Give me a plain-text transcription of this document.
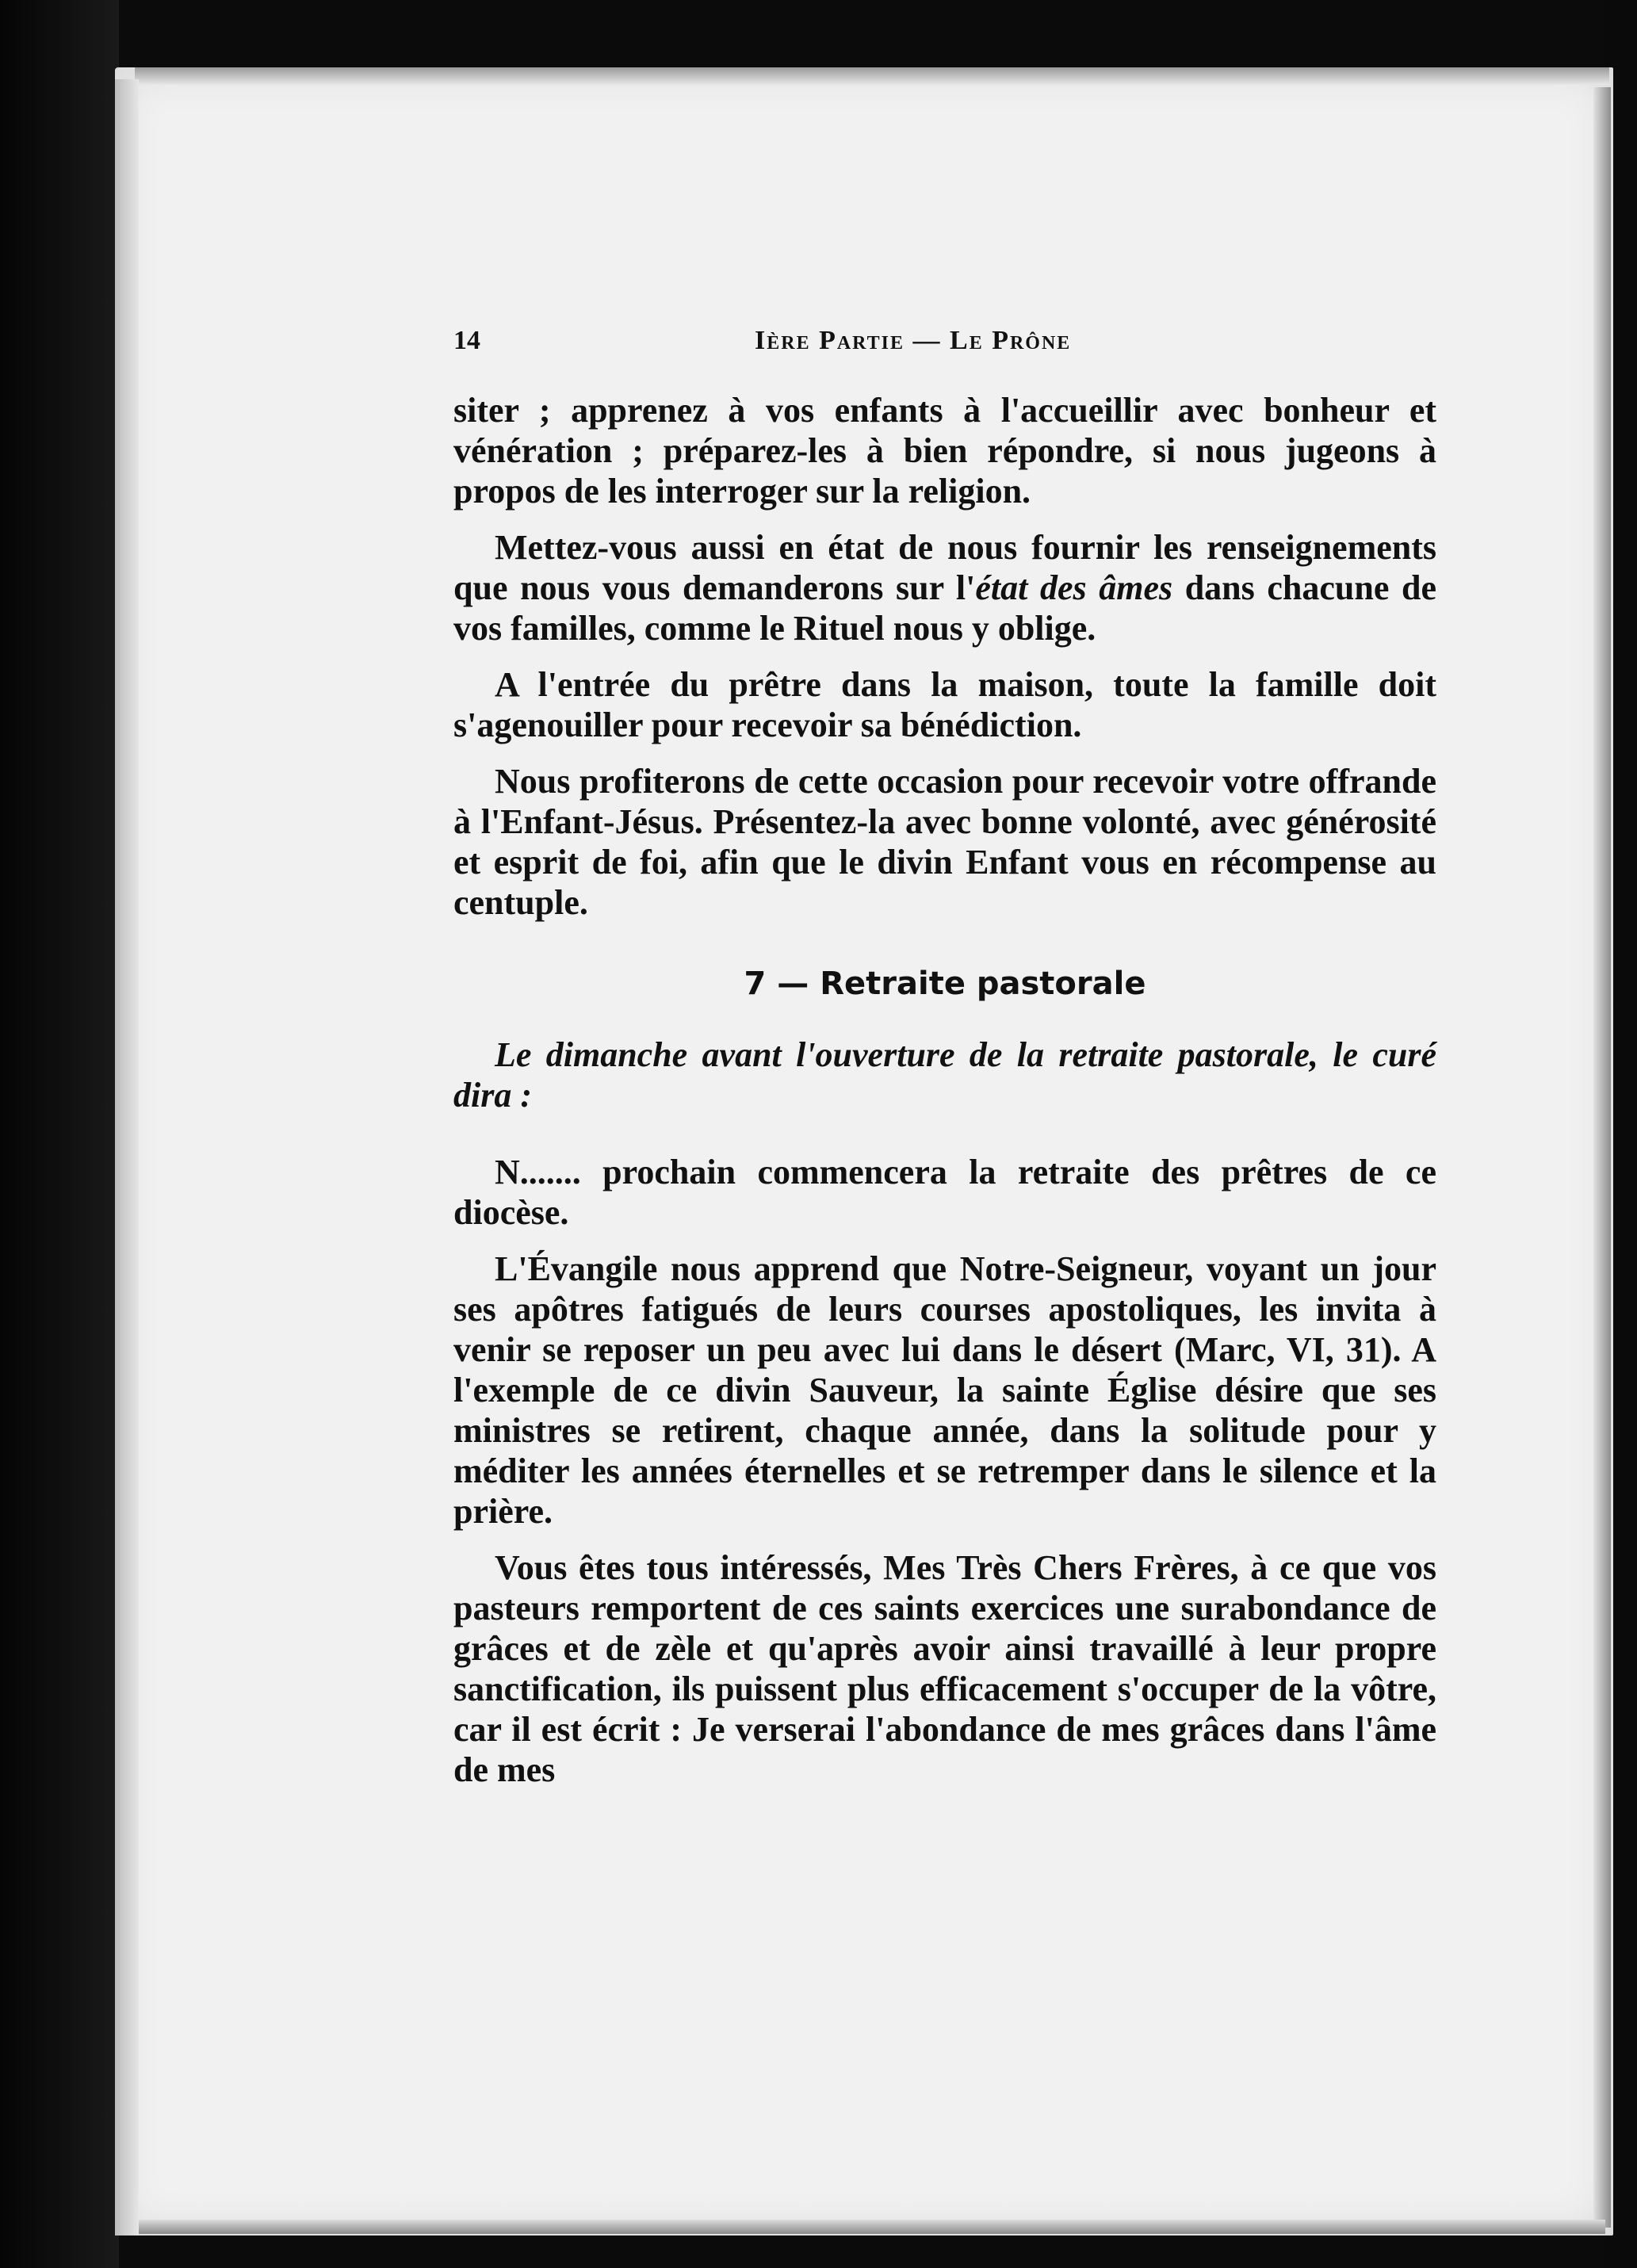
14	Ière Partie — Le Prône

siter ; apprenez à vos enfants à l'accueillir avec bonheur et vénération ; préparez-les à bien répondre, si nous jugeons à propos de les interroger sur la religion.

Mettez-vous aussi en état de nous fournir les renseignements que nous vous demanderons sur l'état des âmes dans chacune de vos familles, comme le Rituel nous y oblige.

A l'entrée du prêtre dans la maison, toute la famille doit s'agenouiller pour recevoir sa bénédiction.

Nous profiterons de cette occasion pour recevoir votre offrande à l'Enfant-Jésus. Présentez-la avec bonne volonté, avec générosité et esprit de foi, afin que le divin Enfant vous en récompense au centuple.

7 — Retraite pastorale

Le dimanche avant l'ouverture de la retraite pastorale, le curé dira :

N....... prochain commencera la retraite des prêtres de ce diocèse.

L'Évangile nous apprend que Notre-Seigneur, voyant un jour ses apôtres fatigués de leurs courses apostoliques, les invita à venir se reposer un peu avec lui dans le désert (Marc, VI, 31). A l'exemple de ce divin Sauveur, la sainte Église désire que ses ministres se retirent, chaque année, dans la solitude pour y méditer les années éternelles et se retremper dans le silence et la prière.

Vous êtes tous intéressés, Mes Très Chers Frères, à ce que vos pasteurs remportent de ces saints exercices une surabondance de grâces et de zèle et qu'après avoir ainsi travaillé à leur propre sanctification, ils puissent plus efficacement s'occuper de la vôtre, car il est écrit : Je verserai l'abondance de mes grâces dans l'âme de mes
